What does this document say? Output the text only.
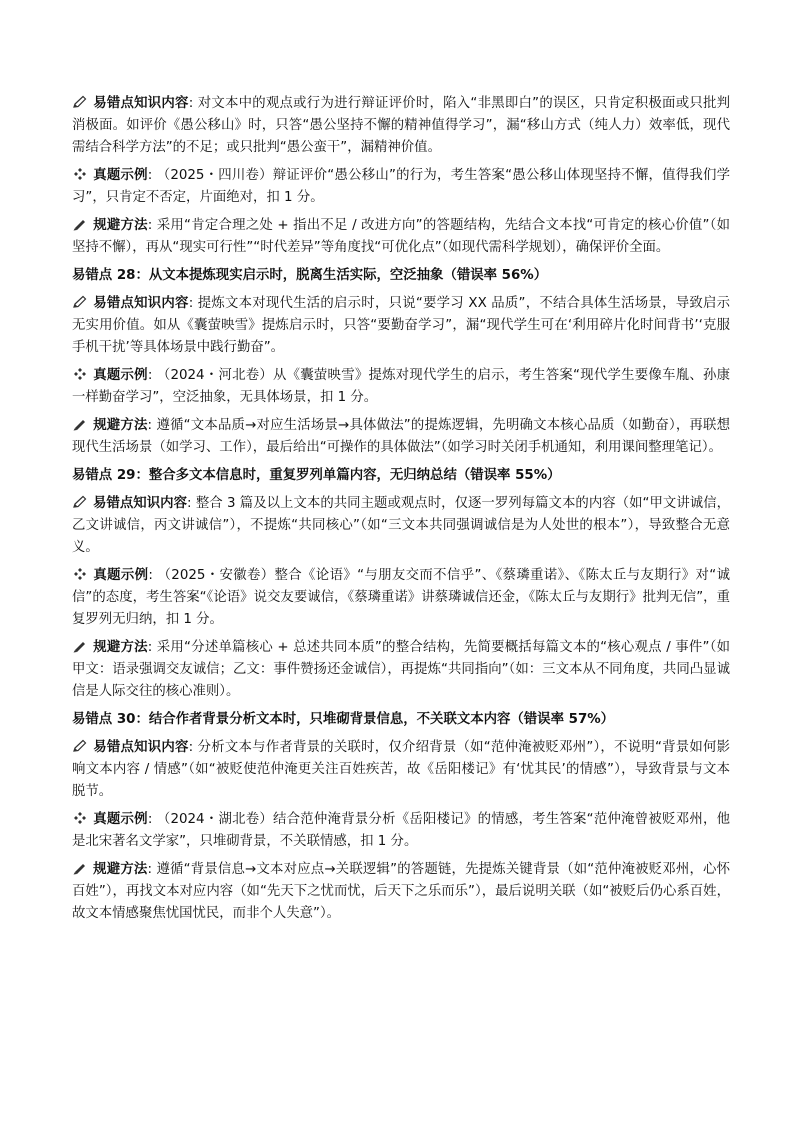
易错点知识内容: 对文本中的观点或行为进行辩证评价时，陷入“非黑即白”的误区，只肯定积极面或只批判消极面。如评价《愚公移山》时，只答“愚公坚持不懈的精神值得学习”，漏“移山方式（纯人力）效率低，现代需结合科学方法”的不足；或只批判“愚公蛮干”，漏精神价值。

真题示例: （2025・四川卷）辩证评价“愚公移山”的行为，考生答案“愚公移山体现坚持不懈，值得我们学习”，只肯定不否定，片面绝对，扣 1 分。

规避方法: 采用“肯定合理之处 + 指出不足 / 改进方向”的答题结构，先结合文本找“可肯定的核心价值”（如坚持不懈），再从“现实可行性”“时代差异”等角度找“可优化点”（如现代需科学规划），确保评价全面。

易错点 28：从文本提炼现实启示时，脱离生活实际，空泛抽象（错误率 56%）

易错点知识内容: 提炼文本对现代生活的启示时，只说“要学习 XX 品质”，不结合具体生活场景，导致启示无实用价值。如从《囊萤映雪》提炼启示时，只答“要勤奋学习”，漏“现代学生可在‘利用碎片化时间背书’‘克服手机干扰’等具体场景中践行勤奋”。

真题示例: （2024・河北卷）从《囊萤映雪》提炼对现代学生的启示，考生答案“现代学生要像车胤、孙康一样勤奋学习”，空泛抽象，无具体场景，扣 1 分。

规避方法: 遵循“文本品质→对应生活场景→具体做法”的提炼逻辑，先明确文本核心品质（如勤奋），再联想现代生活场景（如学习、工作），最后给出“可操作的具体做法”（如学习时关闭手机通知，利用课间整理笔记）。

易错点 29：整合多文本信息时，重复罗列单篇内容，无归纳总结（错误率 55%）

易错点知识内容: 整合 3 篇及以上文本的共同主题或观点时，仅逐一罗列每篇文本的内容（如“甲文讲诚信，乙文讲诚信，丙文讲诚信”），不提炼“共同核心”（如“三文本共同强调诚信是为人处世的根本”），导致整合无意义。

真题示例: （2025・安徽卷）整合《论语》“与朋友交而不信乎”、《蔡璘重诺》、《陈太丘与友期行》对“诚信”的态度，考生答案“《论语》说交友要诚信，《蔡璘重诺》讲蔡璘诚信还金，《陈太丘与友期行》批判无信”，重复罗列无归纳，扣 1 分。

规避方法: 采用“分述单篇核心 + 总述共同本质”的整合结构，先简要概括每篇文本的“核心观点 / 事件”（如甲文：语录强调交友诚信；乙文：事件赞扬还金诚信），再提炼“共同指向”（如：三文本从不同角度，共同凸显诚信是人际交往的核心准则）。

易错点 30：结合作者背景分析文本时，只堆砌背景信息，不关联文本内容（错误率 57%）

易错点知识内容: 分析文本与作者背景的关联时，仅介绍背景（如“范仲淹被贬邓州”），不说明“背景如何影响文本内容 / 情感”（如“被贬使范仲淹更关注百姓疾苦，故《岳阳楼记》有‘忧其民’的情感”），导致背景与文本脱节。

真题示例: （2024・湖北卷）结合范仲淹背景分析《岳阳楼记》的情感，考生答案“范仲淹曾被贬邓州，他是北宋著名文学家”，只堆砌背景，不关联情感，扣 1 分。

规避方法: 遵循“背景信息→文本对应点→关联逻辑”的答题链，先提炼关键背景（如“范仲淹被贬邓州，心怀百姓”），再找文本对应内容（如“先天下之忧而忧，后天下之乐而乐”），最后说明关联（如“被贬后仍心系百姓，故文本情感聚焦忧国忧民，而非个人失意”）。
